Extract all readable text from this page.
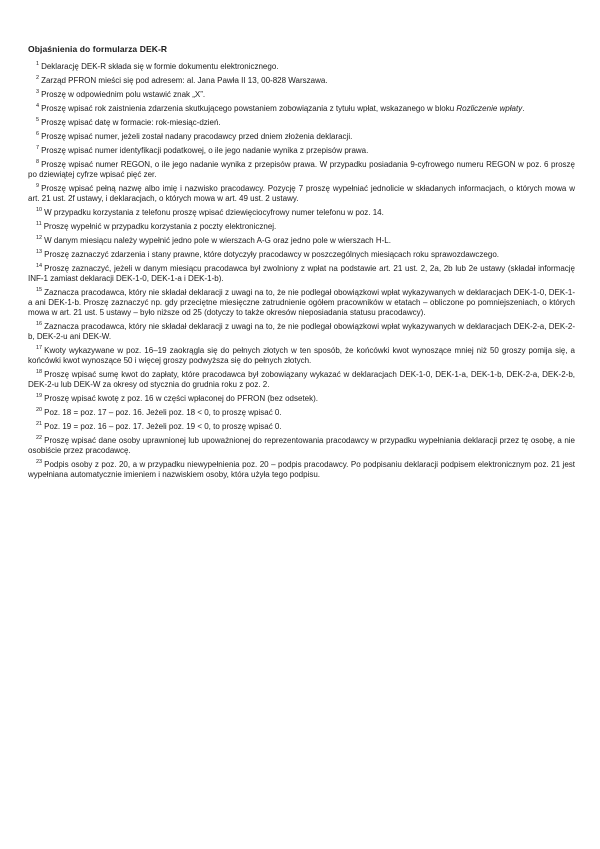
Objaśnienia do formularza DEK-R

$^1$ Deklarację DEK-R składa się w formie dokumentu elektronicznego.

$^2$ Zarząd PFRON mieści się pod adresem: al. Jana Pawła II 13, 00-828 Warszawa.

$^3$ Proszę w odpowiednim polu wstawić znak „X”.

$^4$ Proszę wpisać rok zaistnienia zdarzenia skutkującego powstaniem zobowiązania z tytułu wpłat, wskazanego w bloku Rozliczenie wpłaty.

$^5$ Proszę wpisać datę w formacie: rok-miesiąc-dzień.

$^6$ Proszę wpisać numer, jeżeli został nadany pracodawcy przed dniem złożenia deklaracji.

$^7$ Proszę wpisać numer identyfikacji podatkowej, o ile jego nadanie wynika z przepisów prawa.

$^8$ Proszę wpisać numer REGON, o ile jego nadanie wynika z przepisów prawa. W przypadku posiadania 9-cyfrowego numeru REGON w poz. 6 proszę po dziewiątej cyfrze wpisać pięć zer.

$^9$ Proszę wpisać pełną nazwę albo imię i nazwisko pracodawcy. Pozycję 7 proszę wypełniać jednolicie w składanych informacjach, o których mowa w art. 21 ust. 2f ustawy, i deklaracjach, o których mowa w art. 49 ust. 2 ustawy.

$^{10}$ W przypadku korzystania z telefonu proszę wpisać dziewięciocyfrowy numer telefonu w poz. 14.

$^{11}$ Proszę wypełnić w przypadku korzystania z poczty elektronicznej.

$^{12}$ W danym miesiącu należy wypełnić jedno pole w wierszach A-G oraz jedno pole w wierszach H-L.

$^{13}$ Proszę zaznaczyć zdarzenia i stany prawne, które dotyczyły pracodawcy w poszczególnych miesiącach roku sprawozdawczego.

$^{14}$ Proszę zaznaczyć, jeżeli w danym miesiącu pracodawca był zwolniony z wpłat na podstawie art. 21 ust. 2, 2a, 2b lub 2e ustawy (składał informację INF-1 zamiast deklaracji DEK-1-0, DEK-1-a i DEK-1-b).

$^{15}$ Zaznacza pracodawca, który nie składał deklaracji z uwagi na to, że nie podlegał obowiązkowi wpłat wykazywanych w deklaracjach DEK-1-0, DEK-1-a ani DEK-1-b. Proszę zaznaczyć np. gdy przeciętne miesięczne zatrudnienie ogółem pracowników w etatach – obliczone po pomniejszeniach, o których mowa w art. 21 ust. 5 ustawy – było niższe od 25 (dotyczy to także okresów nieposiadania statusu pracodawcy).

$^{16}$ Zaznacza pracodawca, który nie składał deklaracji z uwagi na to, że nie podlegał obowiązkowi wpłat wykazywanych w deklaracjach DEK-2-a, DEK-2-b, DEK-2-u ani DEK-W.

$^{17}$ Kwoty wykazywane w poz. 16–19 zaokrągla się do pełnych złotych w ten sposób, że końcówki kwot wynoszące mniej niż 50 groszy pomija się, a końcówki kwot wynoszące 50 i więcej groszy podwyższa się do pełnych złotych.

$^{18}$ Proszę wpisać sumę kwot do zapłaty, które pracodawca był zobowiązany wykazać w deklaracjach DEK-1-0, DEK-1-a, DEK-1-b, DEK-2-a, DEK-2-b, DEK-2-u lub DEK-W za okresy od stycznia do grudnia roku z poz. 2.

$^{19}$ Proszę wpisać kwotę z poz. 16 w części wpłaconej do PFRON (bez odsetek).

$^{20}$ Poz. 18 = poz. 17 – poz. 16. Jeżeli poz. 18 < 0, to proszę wpisać 0.

$^{21}$ Poz. 19 = poz. 16 – poz. 17. Jeżeli poz. 19 < 0, to proszę wpisać 0.

$^{22}$ Proszę wpisać dane osoby uprawnionej lub upoważnionej do reprezentowania pracodawcy w przypadku wypełniania deklaracji przez tę osobę, a nie osobiście przez pracodawcę.

$^{23}$ Podpis osoby z poz. 20, a w przypadku niewypełnienia poz. 20 – podpis pracodawcy. Po podpisaniu deklaracji podpisem elektronicznym poz. 21 jest wypełniana automatycznie imieniem i nazwiskiem osoby, która użyła tego podpisu.
